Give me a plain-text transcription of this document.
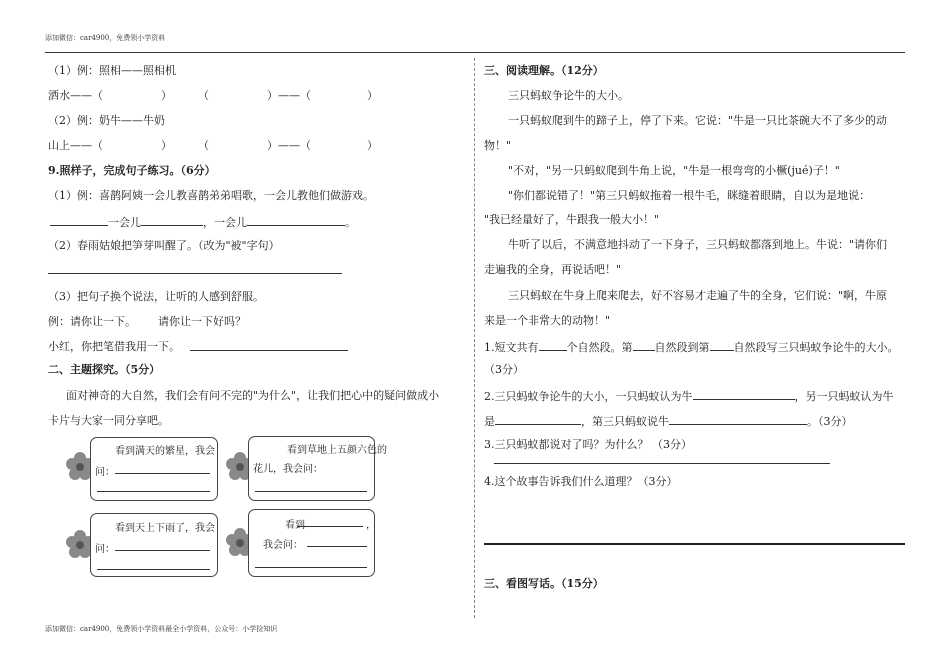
添加微信：car4900，免费领小学资料
添加微信：car4900，免费领小学资料最全小学资料，公众号：小学捡知识
（1）例：照相——照相机
洒水——（	） （	）——（	）
（2）例：奶牛——牛奶
山上——（	） （	）——（	）
9.照样子，完成句子练习。（6分）
（1）例：喜鹊阿姨一会儿教喜鹊弟弟唱歌，一会儿教他们做游戏。
一会儿	，一会儿	。
（2）春雨姑娘把笋芽叫醒了。（改为"被"字句）
（3）把句子换个说法，让听的人感到舒服。
例：请你让一下。 请你让一下好吗？
小红，你把笔借我用一下。
二、主题探究。（5分）
面对神奇的大自然，我们会有问不完的"为什么"，让我们把心中的疑问做成小
卡片与大家一同分享吧。
看到满天的繁星，我会
问：
看到草地上五颜六色的
花儿，我会问：
看到天上下雨了，我会
问：
看到	，
我会问：
三、阅读理解。（12分）
三只蚂蚁争论牛的大小。
一只蚂蚁爬到牛的蹄子上，停了下来。它说："牛是一只比茶碗大不了多少的动
物！"
"不对，"另一只蚂蚁爬到牛角上说，"牛是一根弯弯的小橛(jué)子！"
"你们都说错了！"第三只蚂蚁拖着一根牛毛，眯缝着眼睛，自以为是地说：
"我已经量好了，牛跟我一般大小！"
牛听了以后，不满意地抖动了一下身子，三只蚂蚁都落到地上。牛说："请你们
走遍我的全身，再说话吧！"
三只蚂蚁在牛身上爬来爬去，好不容易才走遍了牛的全身，它们说："啊，牛原
来是一个非常大的动物！"
1.短文共有	个自然段。第 自然段到第 自然段写三只蚂蚁争论牛的大小。
（3分）
2.三只蚂蚁争论牛的大小，一只蚂蚁认为牛	，另一只蚂蚁认为牛
是	，第三只蚂蚁说牛	。（3分）
3.三只蚂蚁都说对了吗？为什么？ （3分）
4.这个故事告诉我们什么道理？（3分）
三、看图写话。（15分）
